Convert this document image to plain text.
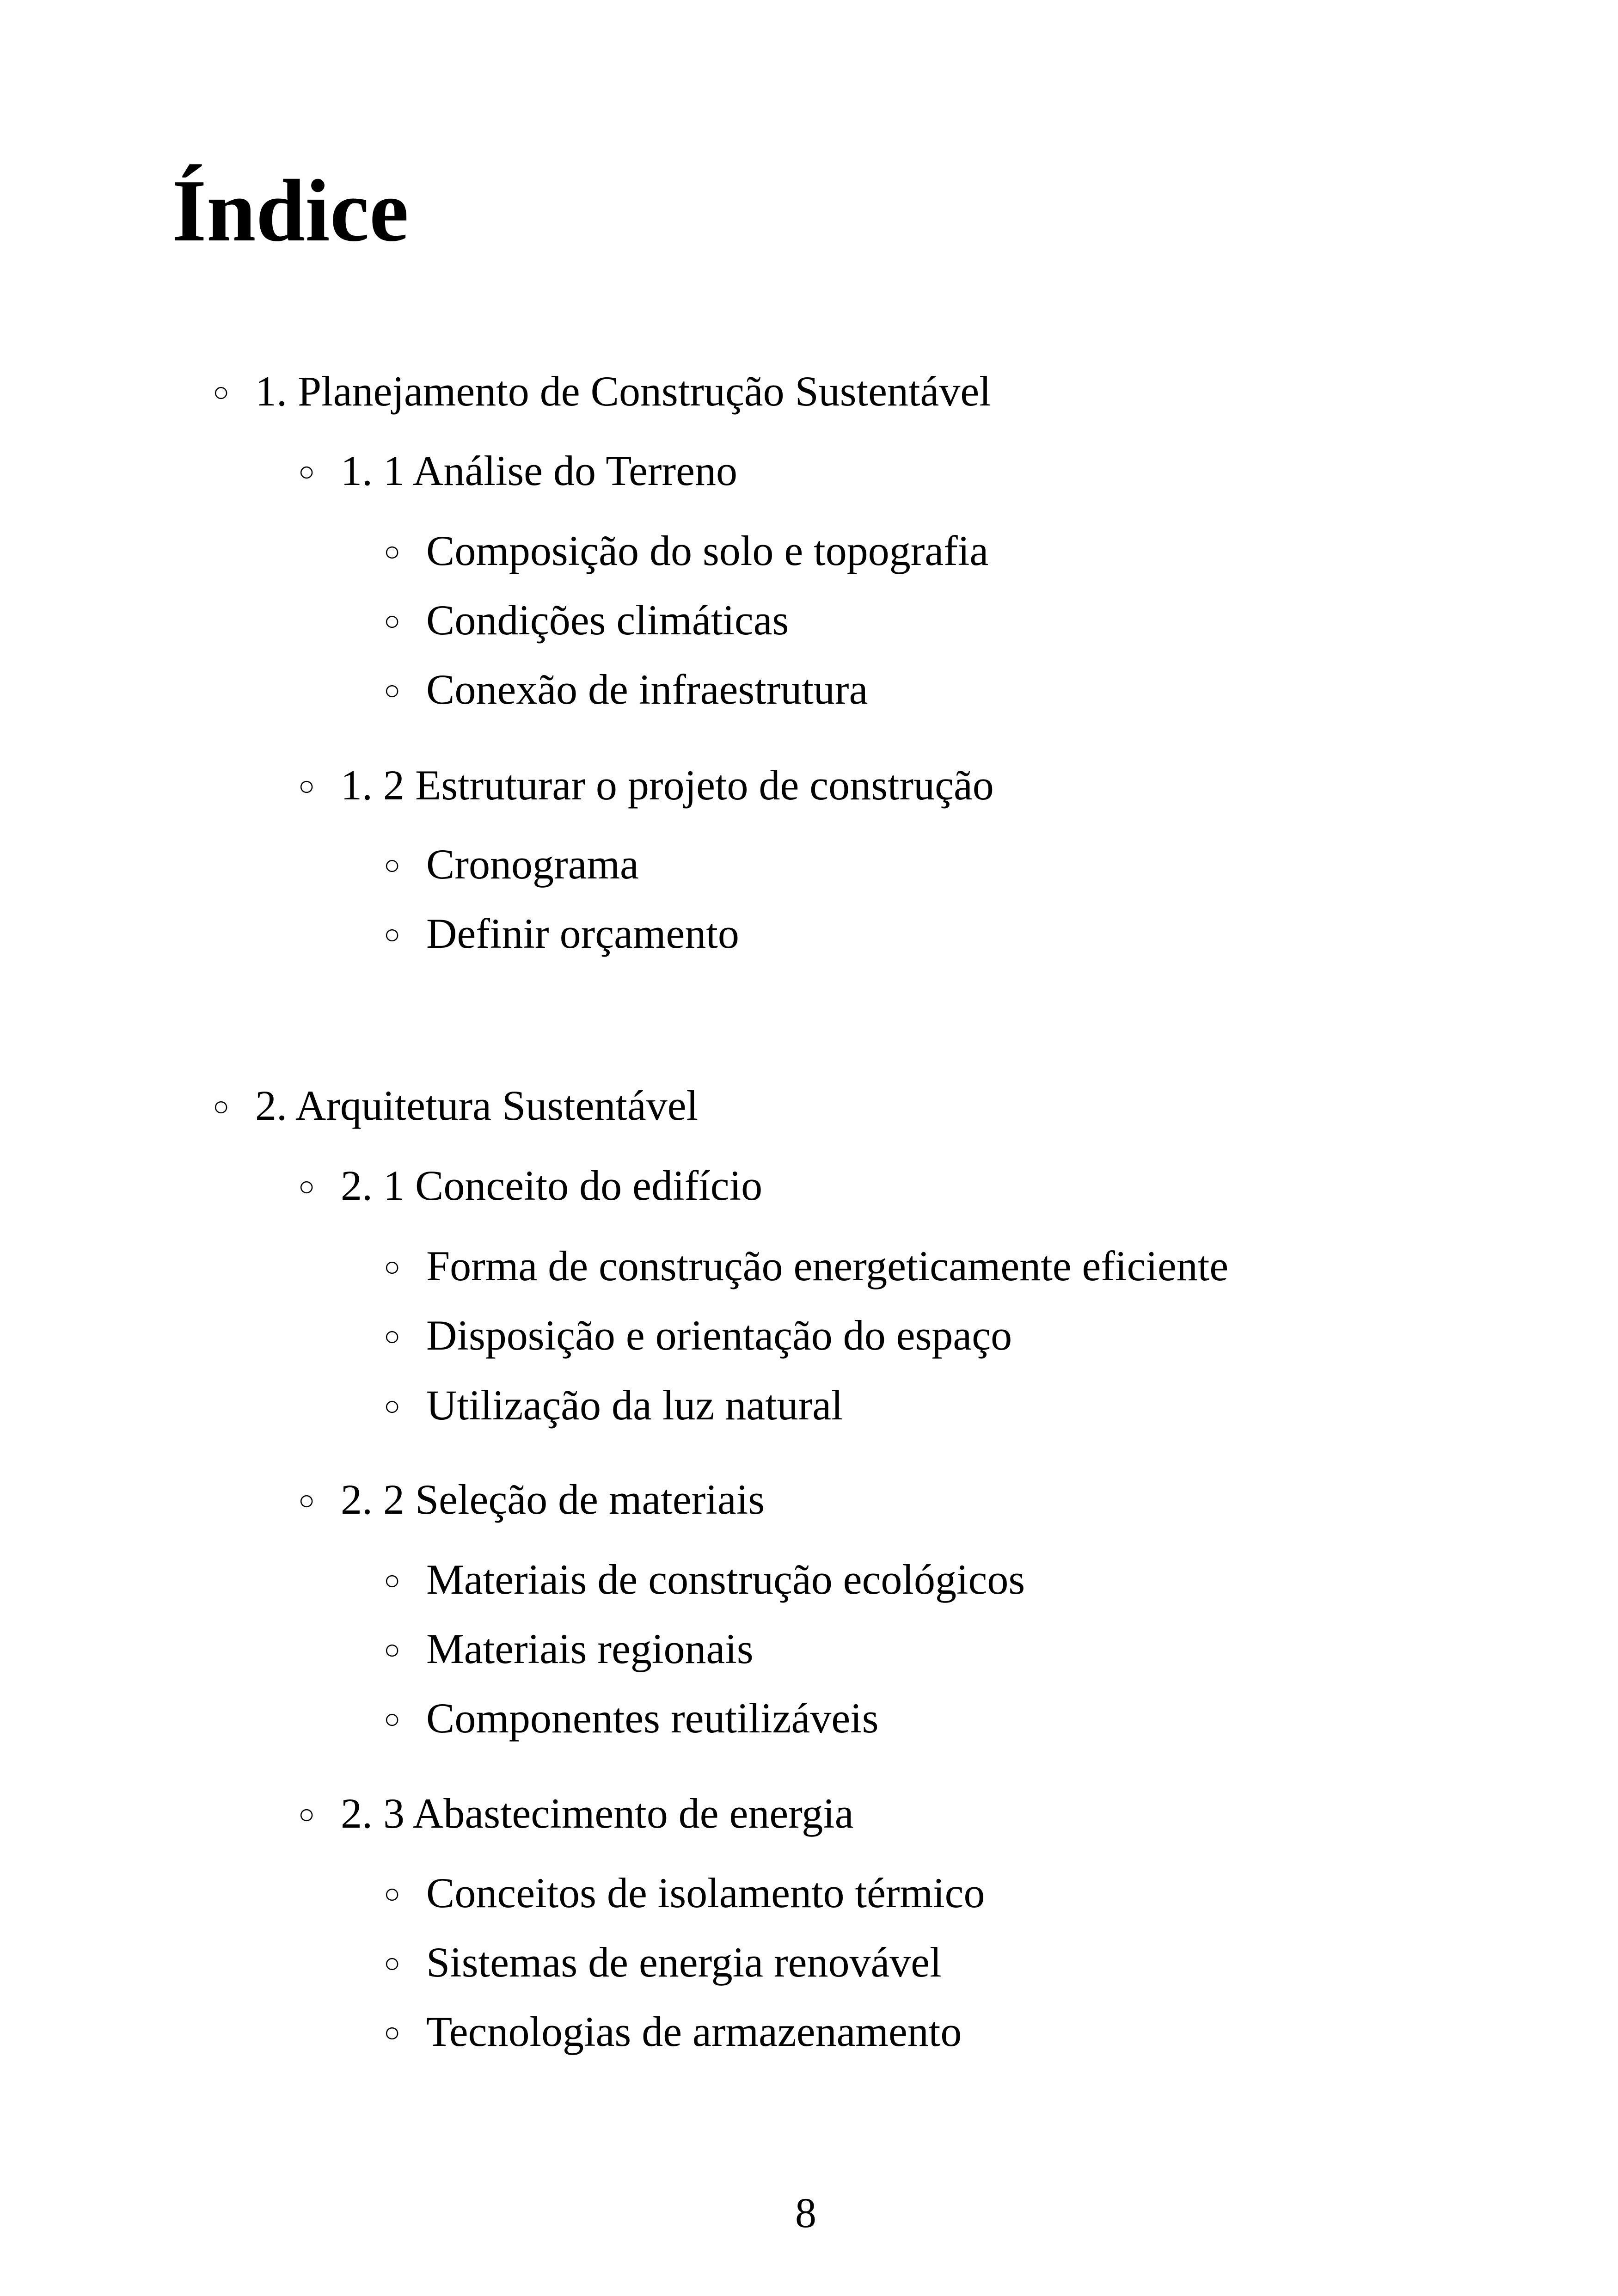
Índice
○ 1. Planejamento de Construção Sustentável
○ 1. 1 Análise do Terreno
○ Composição do solo e topografia
○ Condições climáticas
○ Conexão de infraestrutura
○ 1. 2 Estruturar o projeto de construção
○ Cronograma
○ Definir orçamento
○ 2. Arquitetura Sustentável
○ 2. 1 Conceito do edifício
○ Forma de construção energeticamente eficiente
○ Disposição e orientação do espaço
○ Utilização da luz natural
○ 2. 2 Seleção de materiais
○ Materiais de construção ecológicos
○ Materiais regionais
○ Componentes reutilizáveis
○ 2. 3 Abastecimento de energia
○ Conceitos de isolamento térmico
○ Sistemas de energia renovável
○ Tecnologias de armazenamento
8
